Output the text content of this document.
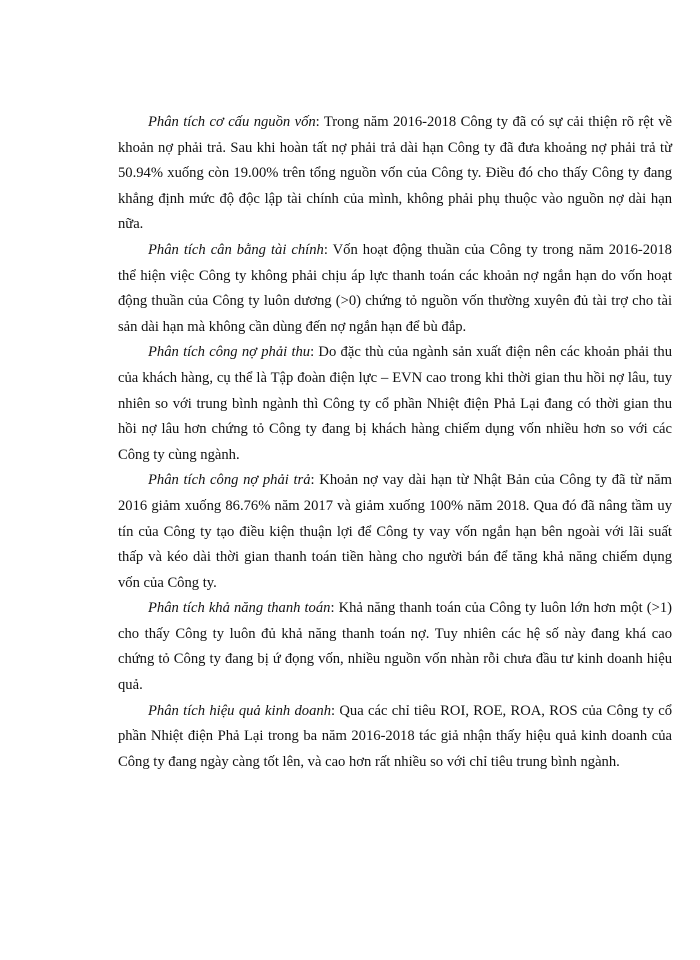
Phân tích cơ cấu nguồn vốn: Trong năm 2016-2018 Công ty đã có sự cải thiện rõ rệt về khoản nợ phải trả. Sau khi hoàn tất nợ phải trả dài hạn Công ty đã đưa khoảng nợ phải trả từ 50.94% xuống còn 19.00% trên tổng nguồn vốn của Công ty. Điều đó cho thấy Công ty đang khẳng định mức độ độc lập tài chính của mình, không phải phụ thuộc vào nguồn nợ dài hạn nữa.

Phân tích cân bằng tài chính: Vốn hoạt động thuần của Công ty trong năm 2016-2018 thể hiện việc Công ty không phải chịu áp lực thanh toán các khoản nợ ngắn hạn do vốn hoạt động thuần của Công ty luôn dương (>0) chứng tỏ nguồn vốn thường xuyên đủ tài trợ cho tài sản dài hạn mà không cần dùng đến nợ ngắn hạn để bù đắp.

Phân tích công nợ phải thu: Do đặc thù của ngành sản xuất điện nên các khoản phải thu của khách hàng, cụ thể là Tập đoàn điện lực – EVN cao trong khi thời gian thu hồi nợ lâu, tuy nhiên so với trung bình ngành thì Công ty cổ phần Nhiệt điện Phả Lại đang có thời gian thu hồi nợ lâu hơn chứng tỏ Công ty đang bị khách hàng chiếm dụng vốn nhiều hơn so với các Công ty cùng ngành.

Phân tích công nợ phải trả: Khoản nợ vay dài hạn từ Nhật Bản của Công ty đã từ năm 2016 giảm xuống 86.76% năm 2017 và giảm xuống 100% năm 2018. Qua đó đã nâng tầm uy tín của Công ty tạo điều kiện thuận lợi để Công ty vay vốn ngắn hạn bên ngoài với lãi suất thấp và kéo dài thời gian thanh toán tiền hàng cho người bán để tăng khả năng chiếm dụng vốn của Công ty.

Phân tích khả năng thanh toán: Khả năng thanh toán của Công ty luôn lớn hơn một (>1) cho thấy Công ty luôn đủ khả năng thanh toán nợ. Tuy nhiên các hệ số này đang khá cao chứng tỏ Công ty đang bị ứ đọng vốn, nhiều nguồn vốn nhàn rỗi chưa đầu tư kinh doanh hiệu quả.

Phân tích hiệu quả kinh doanh: Qua các chỉ tiêu ROI, ROE, ROA, ROS của Công ty cổ phần Nhiệt điện Phả Lại trong ba năm 2016-2018 tác giả nhận thấy hiệu quả kinh doanh của Công ty đang ngày càng tốt lên, và cao hơn rất nhiều so với chỉ tiêu trung bình ngành.
